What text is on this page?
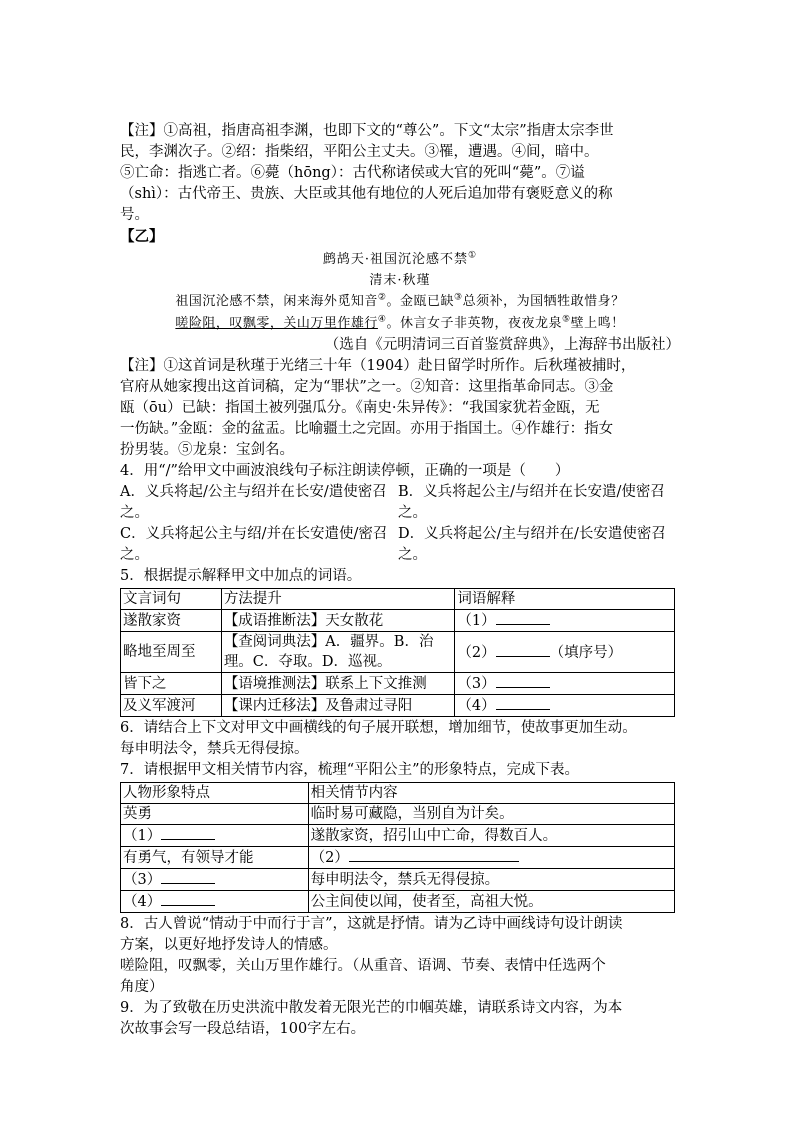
【注】①高祖，指唐高祖李渊，也即下文的“尊公”。下文“太宗”指唐太宗李世

民，李渊次子。②绍：指柴绍，平阳公主丈夫。③罹，遭遇。④间，暗中。

⑤亡命：指逃亡者。⑥薨（hōng）：古代称诸侯或大官的死叫“薨”。⑦谥

（shì）：古代帝王、贵族、大臣或其他有地位的人死后追加带有褒贬意义的称

号。

【乙】

鹧鸪天·祖国沉沦感不禁①

清末·秋瑾

祖国沉沦感不禁，闲来海外觅知音②。金瓯已缺③总须补，为国牺牲敢惜身？

嗟险阻，叹飘零，关山万里作雄行④。休言女子非英物，夜夜龙泉⑤壁上鸣！

（选自《元明清词三百首鉴赏辞典》，上海辞书出版社）

【注】①这首词是秋瑾于光绪三十年（1904）赴日留学时所作。后秋瑾被捕时，

官府从她家搜出这首词稿，定为“罪状”之一。②知音：这里指革命同志。③金

瓯（ōu）已缺：指国土被列强瓜分。《南史·朱异传》：“我国家犹若金瓯，无

一伤缺。”金瓯：金的盆盂。比喻疆土之完固。亦用于指国土。④作雄行：指女

扮男装。⑤龙泉：宝剑名。

4．用“/”给甲文中画波浪线句子标注朗读停顿，正确的一项是（　　）

A．义兵将起/公主与绍并在长安/遣使密召之。
B．义兵将起公主/与绍并在长安遣/使密召之。
C．义兵将起公主与绍/并在长安遣使/密召之。
D．义兵将起公/主与绍并在/长安遣使密召之。

5．根据提示解释甲文中加点的词语。

文言词句	方法提升	词语解释
遂散家资	【成语推断法】天女散花	（1）
略地至周至	【查阅词典法】A．疆界。B．治理。C．夺取。D．巡视。	（2） （填序号）
皆下之	【语境推测法】联系上下文推测	（3）
及义军渡河	【课内迁移法】及鲁肃过寻阳	（4）

6．请结合上下文对甲文中画横线的句子展开联想，增加细节，使故事更加生动。

每申明法令，禁兵无得侵掠。

7．请根据甲文相关情节内容，梳理“平阳公主”的形象特点，完成下表。

人物形象特点	相关情节内容
英勇	临时易可藏隐，当别自为计矣。
（1）	遂散家资，招引山中亡命，得数百人。
有勇气，有领导才能	（2）
（3）	每申明法令，禁兵无得侵掠。
（4）	公主间使以闻，使者至，高祖大悦。

8．古人曾说“情动于中而行于言”，这就是抒情。请为乙诗中画线诗句设计朗读

方案，以更好地抒发诗人的情感。

嗟险阻，叹飘零，关山万里作雄行。（从重音、语调、节奏、表情中任选两个

角度）

9．为了致敬在历史洪流中散发着无限光芒的巾帼英雄，请联系诗文内容，为本

次故事会写一段总结语，100字左右。
